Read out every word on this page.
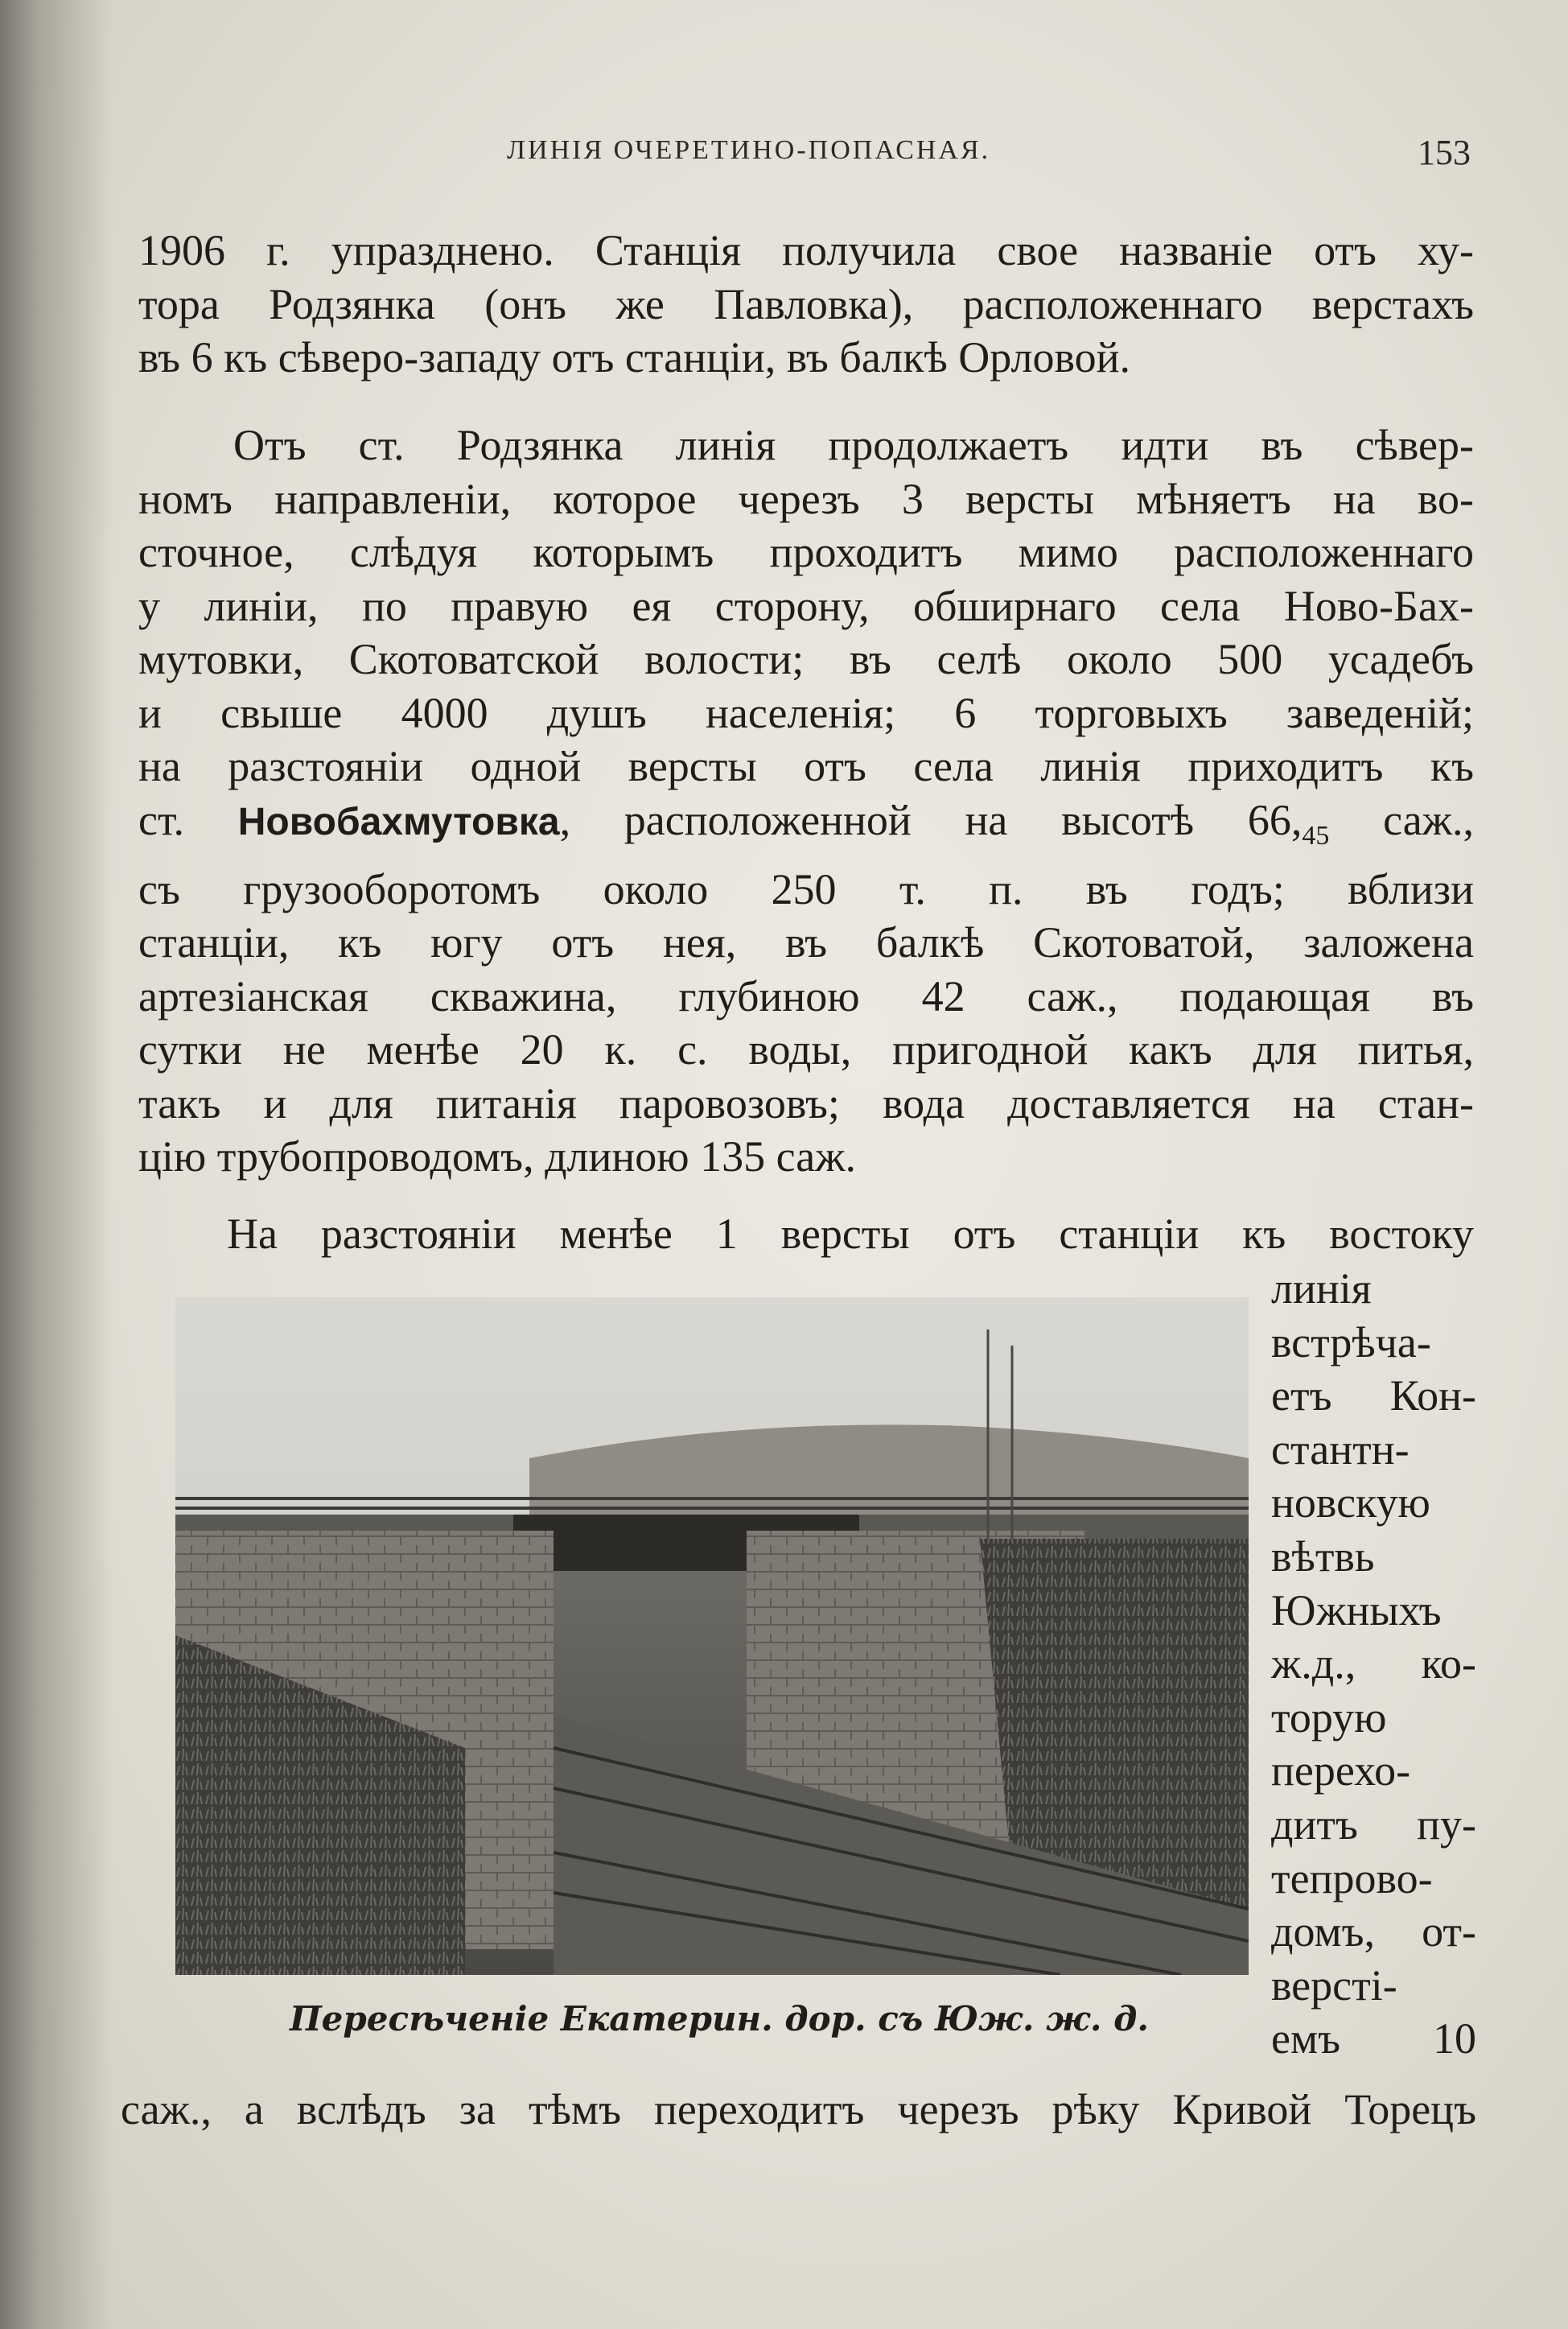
ЛИНІЯ ОЧЕРЕТИНО-ПОПАСНАЯ.	153
1906 г. упразднено. Станція получила свое названіе отъ ху-
тора Родзянка (онъ же Павловка), расположеннаго верстахъ
въ 6 къ сѣверо-западу отъ станціи, въ балкѣ Орловой.
Отъ ст. Родзянка линія продолжаетъ идти въ сѣвер-
номъ направленіи, которое черезъ 3 версты мѣняетъ на во-
сточное, слѣдуя которымъ проходитъ мимо расположеннаго
у линіи, по правую ея сторону, обширнаго села Ново-Бах-
мутовки, Скотоватской волости; въ селѣ около 500 усадебъ
и свыше 4000 душъ населенія; 6 торговыхъ заведеній;
на разстояніи одной версты отъ села линія приходитъ къ
ст. Новобахмутовка, расположенной на высотѣ $66,_{45}$ саж.,
съ грузооборотомъ около 250 т. п. въ годъ; вблизи
станціи, къ югу отъ нея, въ балкѣ Скотоватой, заложена
артезіанская скважина, глубиною 42 саж., подающая въ
сутки не менѣе 20 к. с. воды, пригодной какъ для питья,
такъ и для питанія паровозовъ; вода доставляется на стан-
цію трубопроводомъ, длиною 135 саж.
На разстояніи менѣе 1 версты отъ станціи къ востоку
линія
встрѣча-
етъ Кон-
стантн-
новскую
вѣтвь
Южныхъ
ж.д., ко-
торую
перехо-
дитъ пу-
тепрово-
домъ, от-
верстi-
емъ 10
Пересѣченіе Екатерин. дор. съ Юж. ж. д.
саж., а вслѣдъ за тѣмъ переходитъ черезъ рѣку Кривой Торецъ
